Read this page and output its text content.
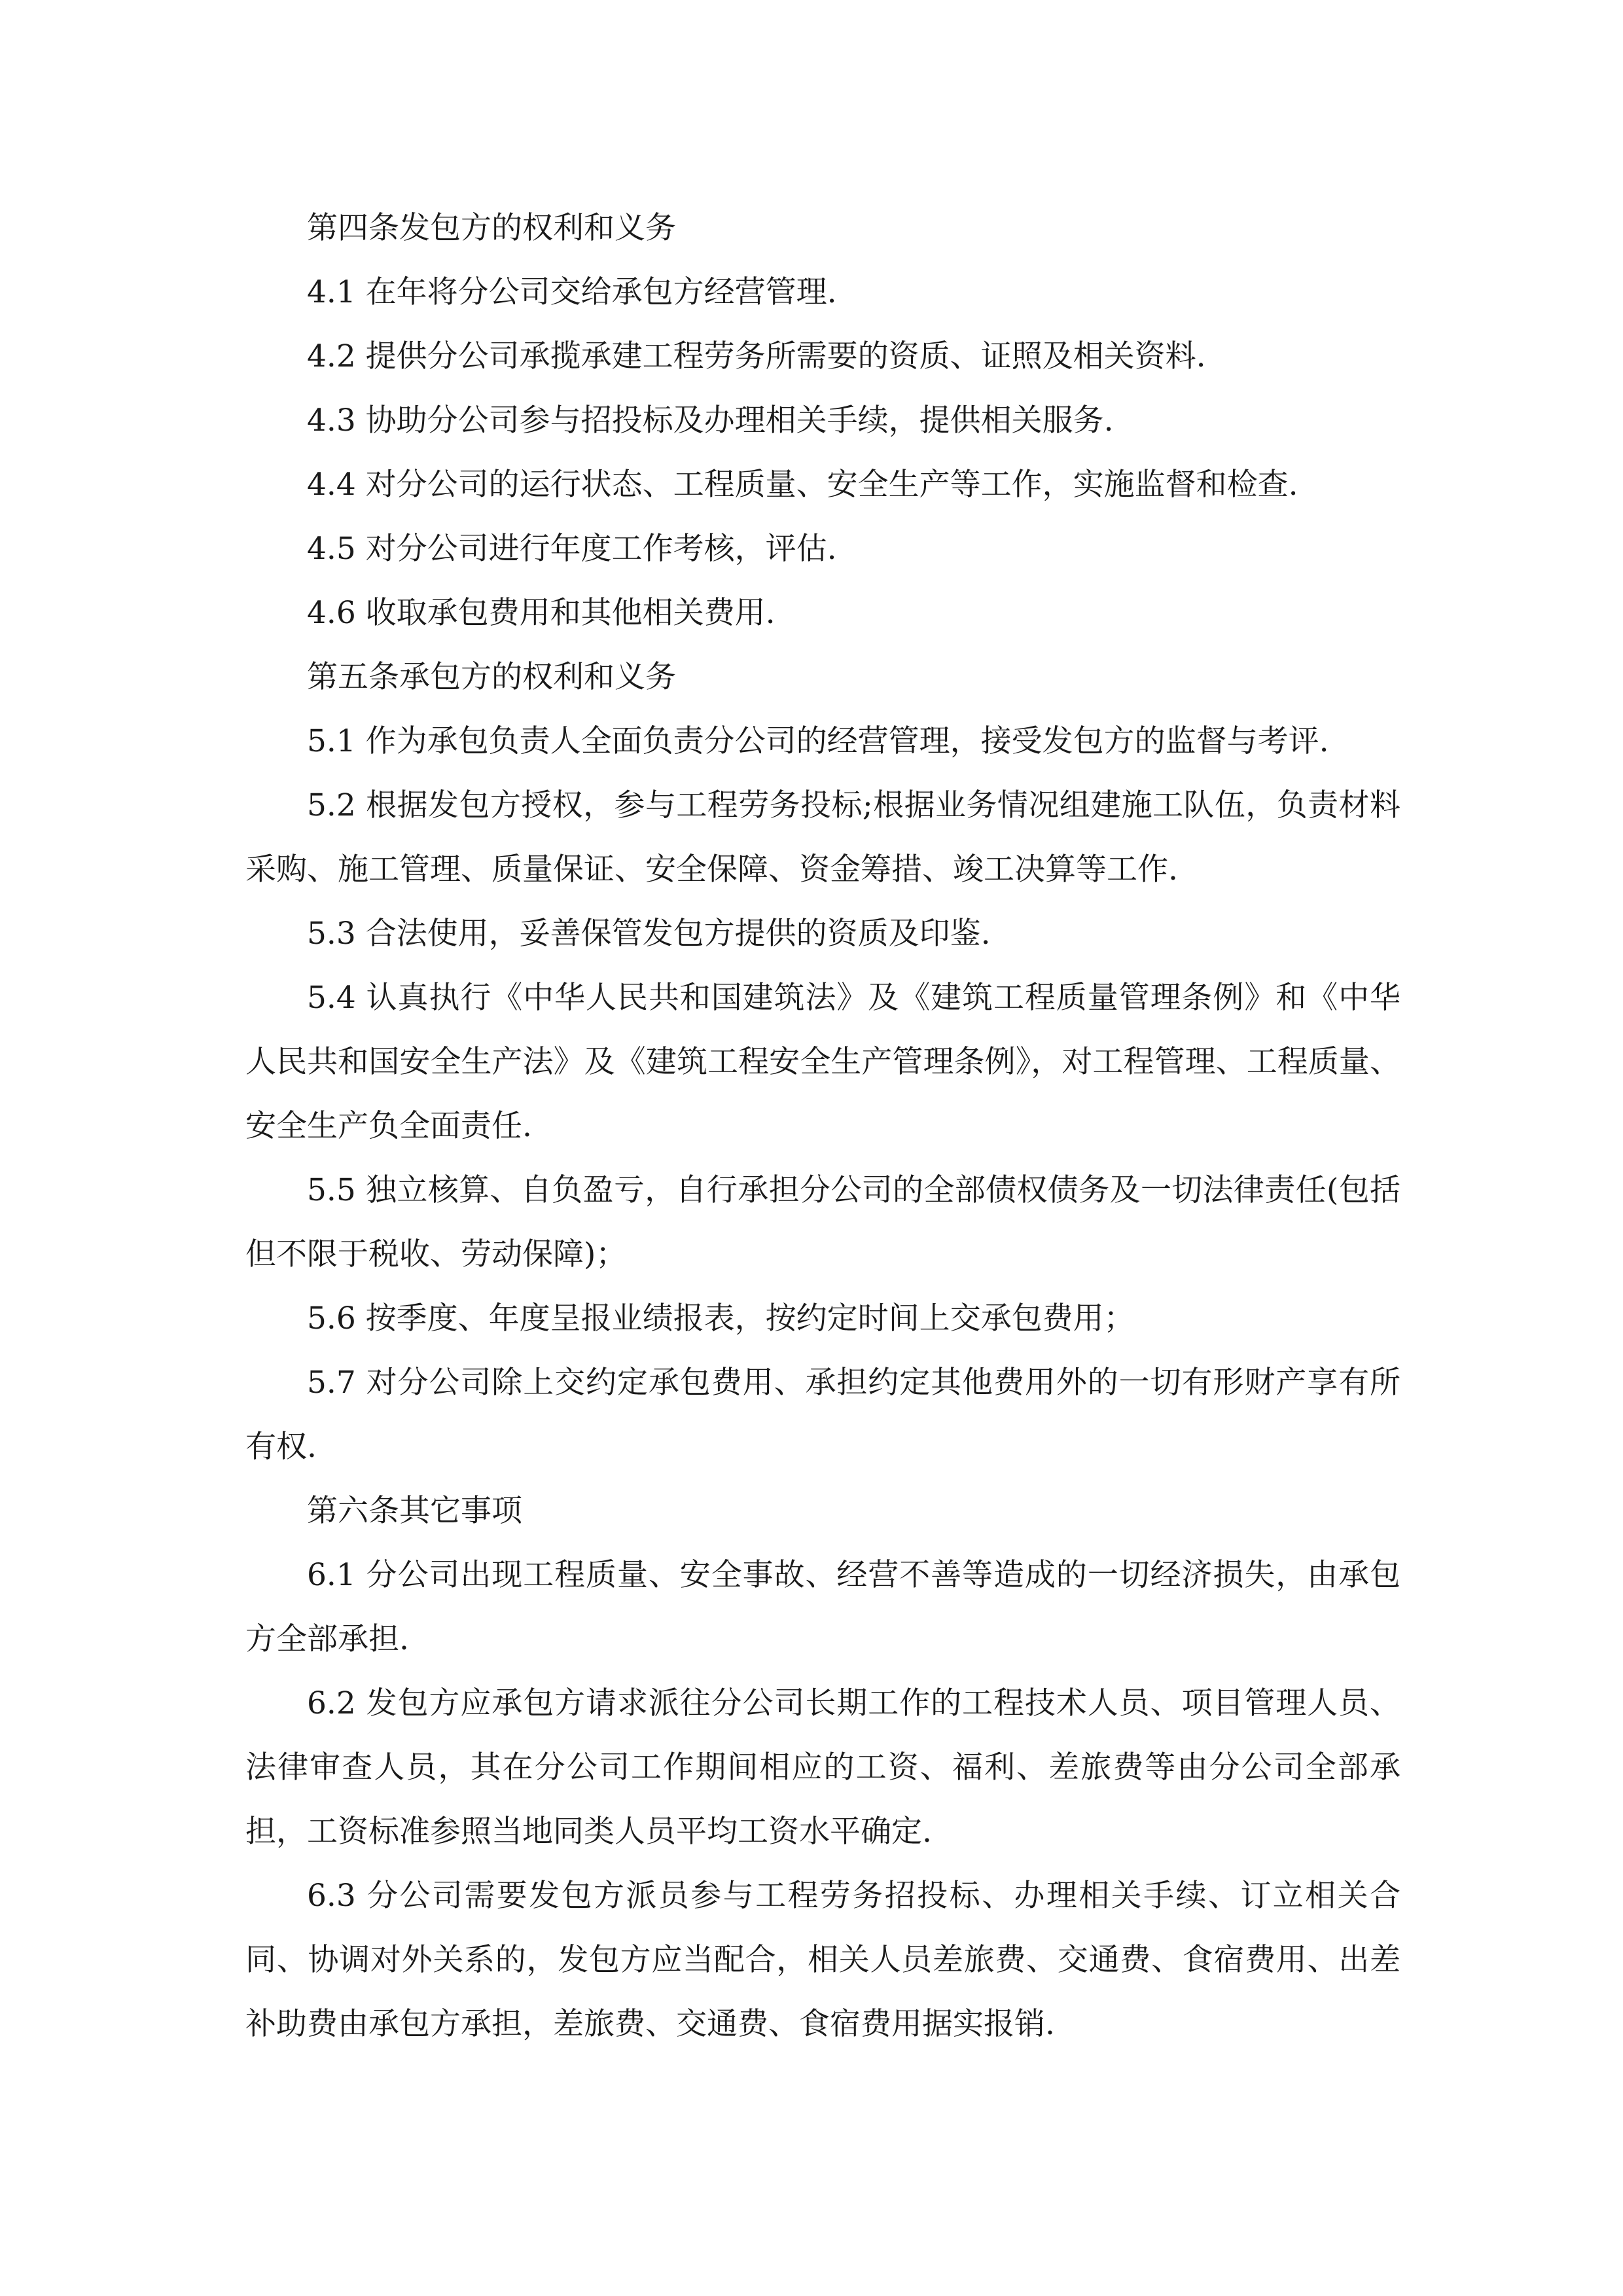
第四条发包方的权利和义务

4.1 在年将分公司交给承包方经营管理.

4.2 提供分公司承揽承建工程劳务所需要的资质、证照及相关资料.

4.3 协助分公司参与招投标及办理相关手续，提供相关服务.

4.4 对分公司的运行状态、工程质量、安全生产等工作，实施监督和检查.

4.5 对分公司进行年度工作考核，评估.

4.6 收取承包费用和其他相关费用.

第五条承包方的权利和义务

5.1 作为承包负责人全面负责分公司的经营管理，接受发包方的监督与考评.

5.2 根据发包方授权，参与工程劳务投标;根据业务情况组建施工队伍，负责材料采购、施工管理、质量保证、安全保障、资金筹措、竣工决算等工作.

5.3 合法使用，妥善保管发包方提供的资质及印鉴.

5.4 认真执行《中华人民共和国建筑法》及《建筑工程质量管理条例》和《中华人民共和国安全生产法》及《建筑工程安全生产管理条例》，对工程管理、工程质量、安全生产负全面责任.

5.5 独立核算、自负盈亏，自行承担分公司的全部债权债务及一切法律责任(包括但不限于税收、劳动保障)；

5.6 按季度、年度呈报业绩报表，按约定时间上交承包费用；

5.7 对分公司除上交约定承包费用、承担约定其他费用外的一切有形财产享有所有权.

第六条其它事项

6.1 分公司出现工程质量、安全事故、经营不善等造成的一切经济损失，由承包方全部承担.

6.2 发包方应承包方请求派往分公司长期工作的工程技术人员、项目管理人员、法律审查人员，其在分公司工作期间相应的工资、福利、差旅费等由分公司全部承担，工资标准参照当地同类人员平均工资水平确定.

6.3 分公司需要发包方派员参与工程劳务招投标、办理相关手续、订立相关合同、协调对外关系的，发包方应当配合，相关人员差旅费、交通费、食宿费用、出差补助费由承包方承担，差旅费、交通费、食宿费用据实报销.
